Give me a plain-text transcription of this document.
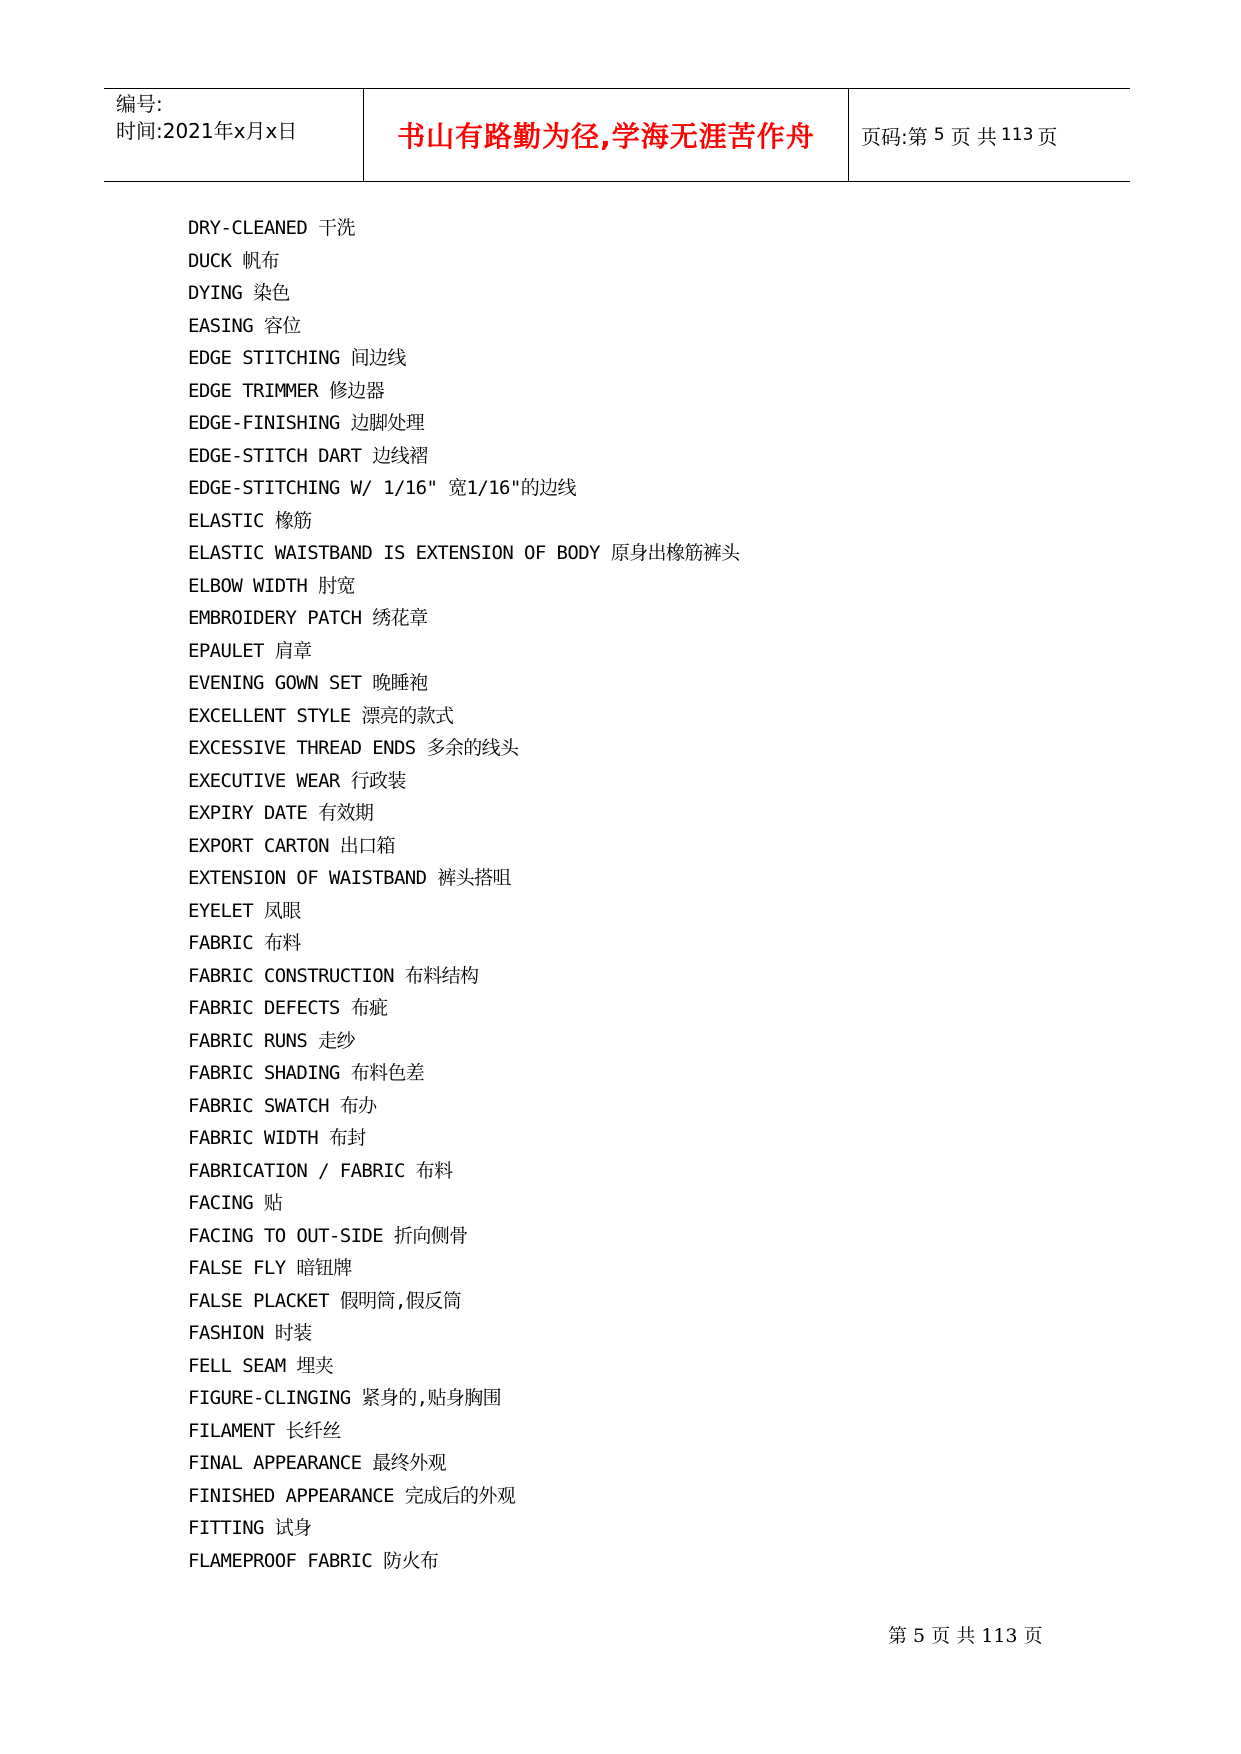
编号:
时间:2021年x月x日	书山有路勤为径,学海无涯苦作舟 页码:第 5 页 共 113 页
DRY-CLEANED 干洗
DUCK 帆布
DYING 染色
EASING 容位
EDGE STITCHING 间边线
EDGE TRIMMER 修边器
EDGE-FINISHING 边脚处理
EDGE-STITCH DART 边线褶
EDGE-STITCHING W/ 1/16" 宽1/16"的边线
ELASTIC 橡筋
ELASTIC WAISTBAND IS EXTENSION OF BODY 原身出橡筋裤头
ELBOW WIDTH 肘宽
EMBROIDERY PATCH 绣花章
EPAULET 肩章
EVENING GOWN SET 晚睡袍
EXCELLENT STYLE 漂亮的款式
EXCESSIVE THREAD ENDS 多余的线头
EXECUTIVE WEAR 行政装
EXPIRY DATE 有效期
EXPORT CARTON 出口箱
EXTENSION OF WAISTBAND 裤头搭咀
EYELET 凤眼
FABRIC 布料
FABRIC CONSTRUCTION 布料结构
FABRIC DEFECTS 布疵
FABRIC RUNS 走纱
FABRIC SHADING 布料色差
FABRIC SWATCH 布办
FABRIC WIDTH 布封
FABRICATION / FABRIC 布料
FACING 贴
FACING TO OUT-SIDE 折向侧骨
FALSE FLY 暗钮牌
FALSE PLACKET 假明筒,假反筒
FASHION 时装
FELL SEAM 埋夹
FIGURE-CLINGING 紧身的,贴身胸围
FILAMENT 长纤丝
FINAL APPEARANCE 最终外观
FINISHED APPEARANCE 完成后的外观
FITTING 试身
FLAMEPROOF FABRIC 防火布
第 5 页 共 113 页
